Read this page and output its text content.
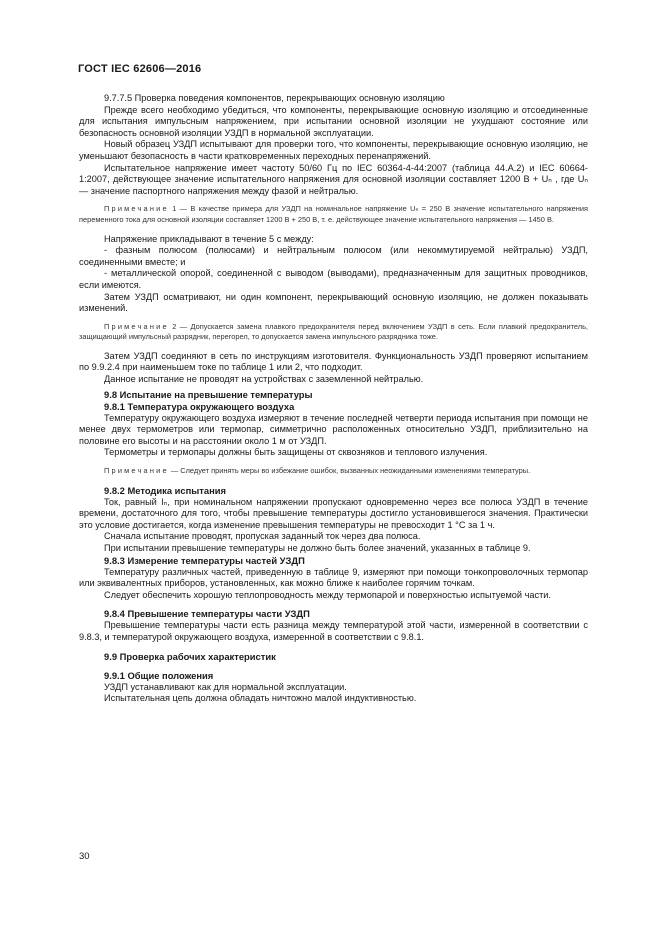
ГОСТ IEC 62606—2016

9.7.7.5 Проверка поведения компонентов, перекрывающих основную изоляцию

Прежде всего необходимо убедиться, что компоненты, перекрывающие основную изоляцию и отсоединенные для испытания импульсным напряжением, при испытании основной изоляции не ухудшают состояние или безопасность основной изоляции УЗДП в нормальной эксплуатации.

Новый образец УЗДП испытывают для проверки того, что компоненты, перекрывающие основную изоляцию, не уменьшают безопасность в части кратковременных переходных перенапряжений.

Испытательное напряжение имеет частоту 50/60 Гц по IEC 60364-4-44:2007 (таблица 44.А.2) и IEC 60664-1:2007, действующее значение испытательного напряжения для основной изоляции составляет 1200 В + Uₙ , где Uₙ — значение паспортного напряжения между фазой и нейтралью.

Примечание 1 — В качестве примера для УЗДП на номинальное напряжение Uₙ = 250 В значение испытательного напряжения переменного тока для основной изоляции составляет 1200 В + 250 В, т. е. действующее значение испытательного напряжения — 1450 В.

Напряжение прикладывают в течение 5 с между:

- фазным полюсом (полюсами) и нейтральным полюсом (или некоммутируемой нейтралью) УЗДП, соединенными вместе; и

- металлической опорой, соединенной с выводом (выводами), предназначенным для защитных проводников, если имеются.

Затем УЗДП осматривают, ни один компонент, перекрывающий основную изоляцию, не должен показывать изменений.

Примечание 2 — Допускается замена плавкого предохранителя перед включением УЗДП в сеть. Если плавкий предохранитель, защищающий импульсный разрядник, перегорел, то допускается замена импульсного разрядника тоже.

Затем УЗДП соединяют в сеть по инструкциям изготовителя. Функциональность УЗДП проверяют испытанием по 9.9.2.4 при наименьшем токе по таблице 1 или 2, что подходит.

Данное испытание не проводят на устройствах с заземленной нейтралью.

9.8 Испытание на превышение температуры
9.8.1 Температура окружающего воздуха

Температуру окружающего воздуха измеряют в течение последней четверти периода испытания при помощи не менее двух термометров или термопар, симметрично расположенных относительно УЗДП, приблизительно на половине его высоты и на расстоянии около 1 м от УЗДП.

Термометры и термопары должны быть защищены от сквозняков и теплового излучения.

Примечание — Следует принять меры во избежание ошибок, вызванных неожиданными изменениями температуры.
9.8.2 Методика испытания

Ток, равный Iₙ, при номинальном напряжении пропускают одновременно через все полюса УЗДП в течение времени, достаточного для того, чтобы превышение температуры достигло установившегося значения. Практически это условие достигается, когда изменение превышения температуры не превосходит 1 °С за 1 ч.

Сначала испытание проводят, пропуская заданный ток через два полюса.

При испытании превышение температуры не должно быть более значений, указанных в таблице 9.

9.8.3 Измерение температуры частей УЗДП

Температуру различных частей, приведенную в таблице 9, измеряют при помощи тонкопроволочных термопар или эквивалентных приборов, установленных, как можно ближе к наиболее горячим точкам.

Следует обеспечить хорошую теплопроводность между термопарой и поверхностью испытуемой части.

9.8.4 Превышение температуры части УЗДП

Превышение температуры части есть разница между температурой этой части, измеренной в соответствии с 9.8.3, и температурой окружающего воздуха, измеренной в соответствии с 9.8.1.

9.9 Проверка рабочих характеристик
9.9.1 Общие положения

УЗДП устанавливают как для нормальной эксплуатации.

Испытательная цепь должна обладать ничтожно малой индуктивностью.

30
